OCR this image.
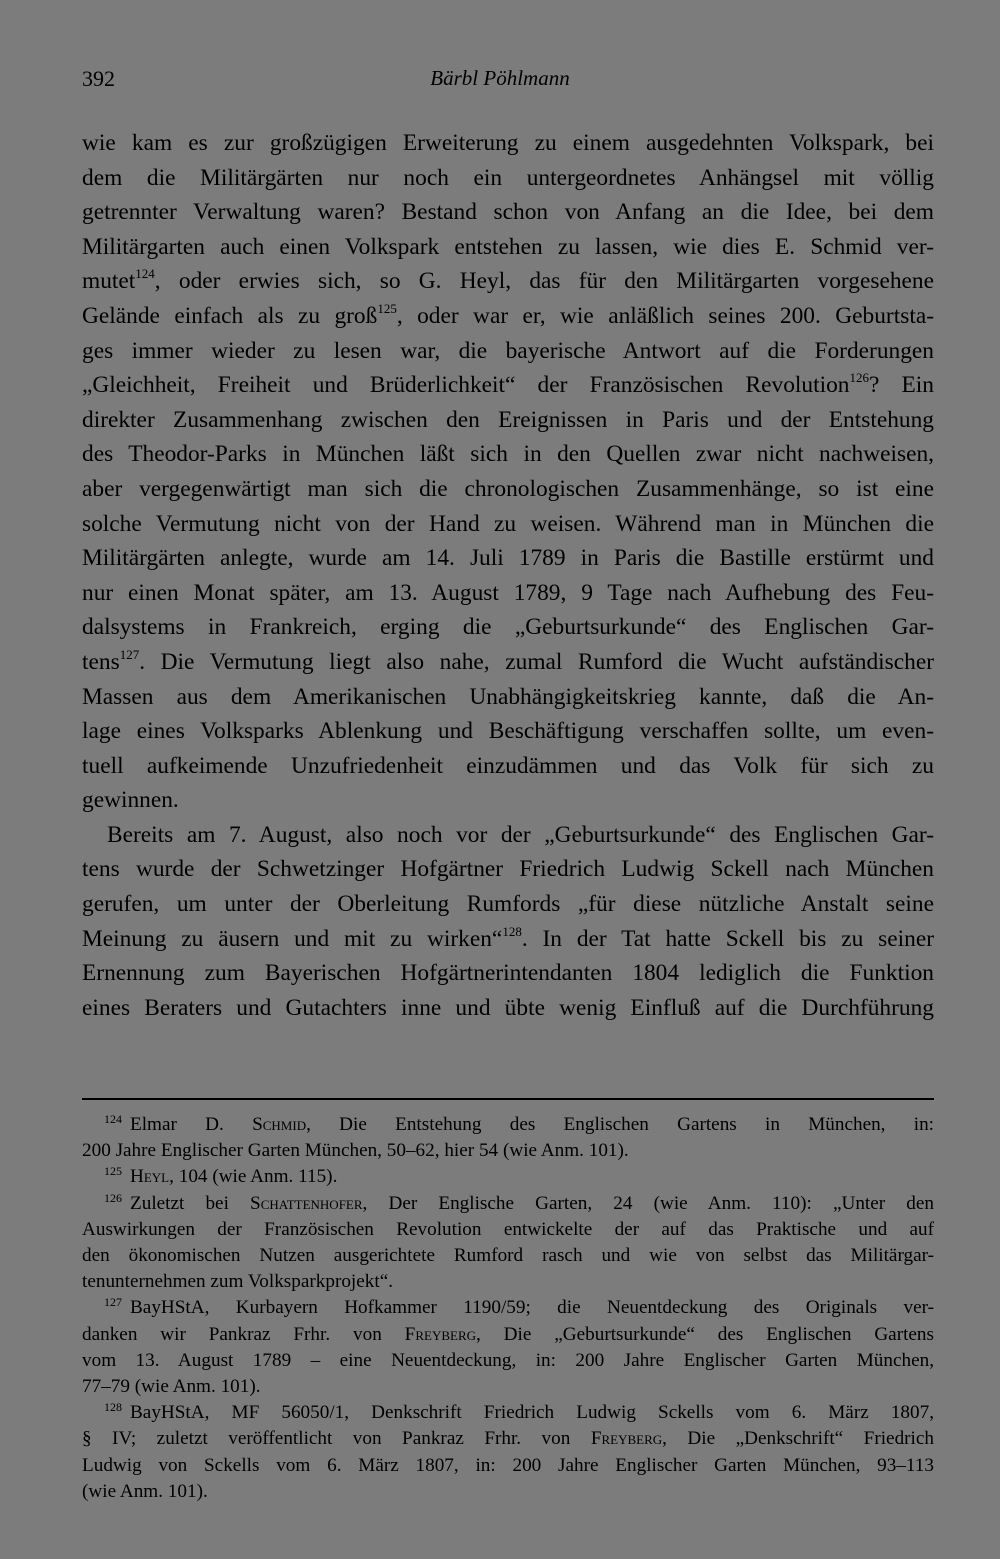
392	Bärbl Pöhlmann
wie kam es zur großzügigen Erweiterung zu einem ausgedehnten Volkspark, bei
dem die Militärgärten nur noch ein untergeordnetes Anhängsel mit völlig
getrennter Verwaltung waren? Bestand schon von Anfang an die Idee, bei dem
Militärgarten auch einen Volkspark entstehen zu lassen, wie dies E. Schmid ver-
mutet$^{124}$, oder erwies sich, so G. Heyl, das für den Militärgarten vorgesehene
Gelände einfach als zu groß$^{125}$, oder war er, wie anläßlich seines 200. Geburtsta-
ges immer wieder zu lesen war, die bayerische Antwort auf die Forderungen
„Gleichheit, Freiheit und Brüderlichkeit“ der Französischen Revolution$^{126}$? Ein
direkter Zusammenhang zwischen den Ereignissen in Paris und der Entstehung
des Theodor-Parks in München läßt sich in den Quellen zwar nicht nachweisen,
aber vergegenwärtigt man sich die chronologischen Zusammenhänge, so ist eine
solche Vermutung nicht von der Hand zu weisen. Während man in München die
Militärgärten anlegte, wurde am 14. Juli 1789 in Paris die Bastille erstürmt und
nur einen Monat später, am 13. August 1789, 9 Tage nach Aufhebung des Feu-
dalsystems in Frankreich, erging die „Geburtsurkunde“ des Englischen Gar-
tens$^{127}$. Die Vermutung liegt also nahe, zumal Rumford die Wucht aufständischer
Massen aus dem Amerikanischen Unabhängigkeitskrieg kannte, daß die An-
lage eines Volksparks Ablenkung und Beschäftigung verschaffen sollte, um even-
tuell aufkeimende Unzufriedenheit einzudämmen und das Volk für sich zu
gewinnen.
Bereits am 7. August, also noch vor der „Geburtsurkunde“ des Englischen Gar-
tens wurde der Schwetzinger Hofgärtner Friedrich Ludwig Sckell nach München
gerufen, um unter der Oberleitung Rumfords „für diese nützliche Anstalt seine
Meinung zu äusern und mit zu wirken“$^{128}$. In der Tat hatte Sckell bis zu seiner
Ernennung zum Bayerischen Hofgärtnerintendanten 1804 lediglich die Funktion
eines Beraters und Gutachters inne und übte wenig Einfluß auf die Durchführung
$^{124}$ Elmar D. Schmid, Die Entstehung des Englischen Gartens in München, in:
200 Jahre Englischer Garten München, 50–62, hier 54 (wie Anm. 101).
$^{125}$ Heyl, 104 (wie Anm. 115).
$^{126}$ Zuletzt bei Schattenhofer, Der Englische Garten, 24 (wie Anm. 110): „Unter den
Auswirkungen der Französischen Revolution entwickelte der auf das Praktische und auf
den ökonomischen Nutzen ausgerichtete Rumford rasch und wie von selbst das Militärgar-
tenunternehmen zum Volksparkprojekt“.
$^{127}$ BayHStA, Kurbayern Hofkammer 1190/59; die Neuentdeckung des Originals ver-
danken wir Pankraz Frhr. von Freyberg, Die „Geburtsurkunde“ des Englischen Gartens
vom 13. August 1789 – eine Neuentdeckung, in: 200 Jahre Englischer Garten München,
77–79 (wie Anm. 101).
$^{128}$ BayHStA, MF 56050/1, Denkschrift Friedrich Ludwig Sckells vom 6. März 1807,
§ IV; zuletzt veröffentlicht von Pankraz Frhr. von Freyberg, Die „Denkschrift“ Friedrich
Ludwig von Sckells vom 6. März 1807, in: 200 Jahre Englischer Garten München, 93–113
(wie Anm. 101).
